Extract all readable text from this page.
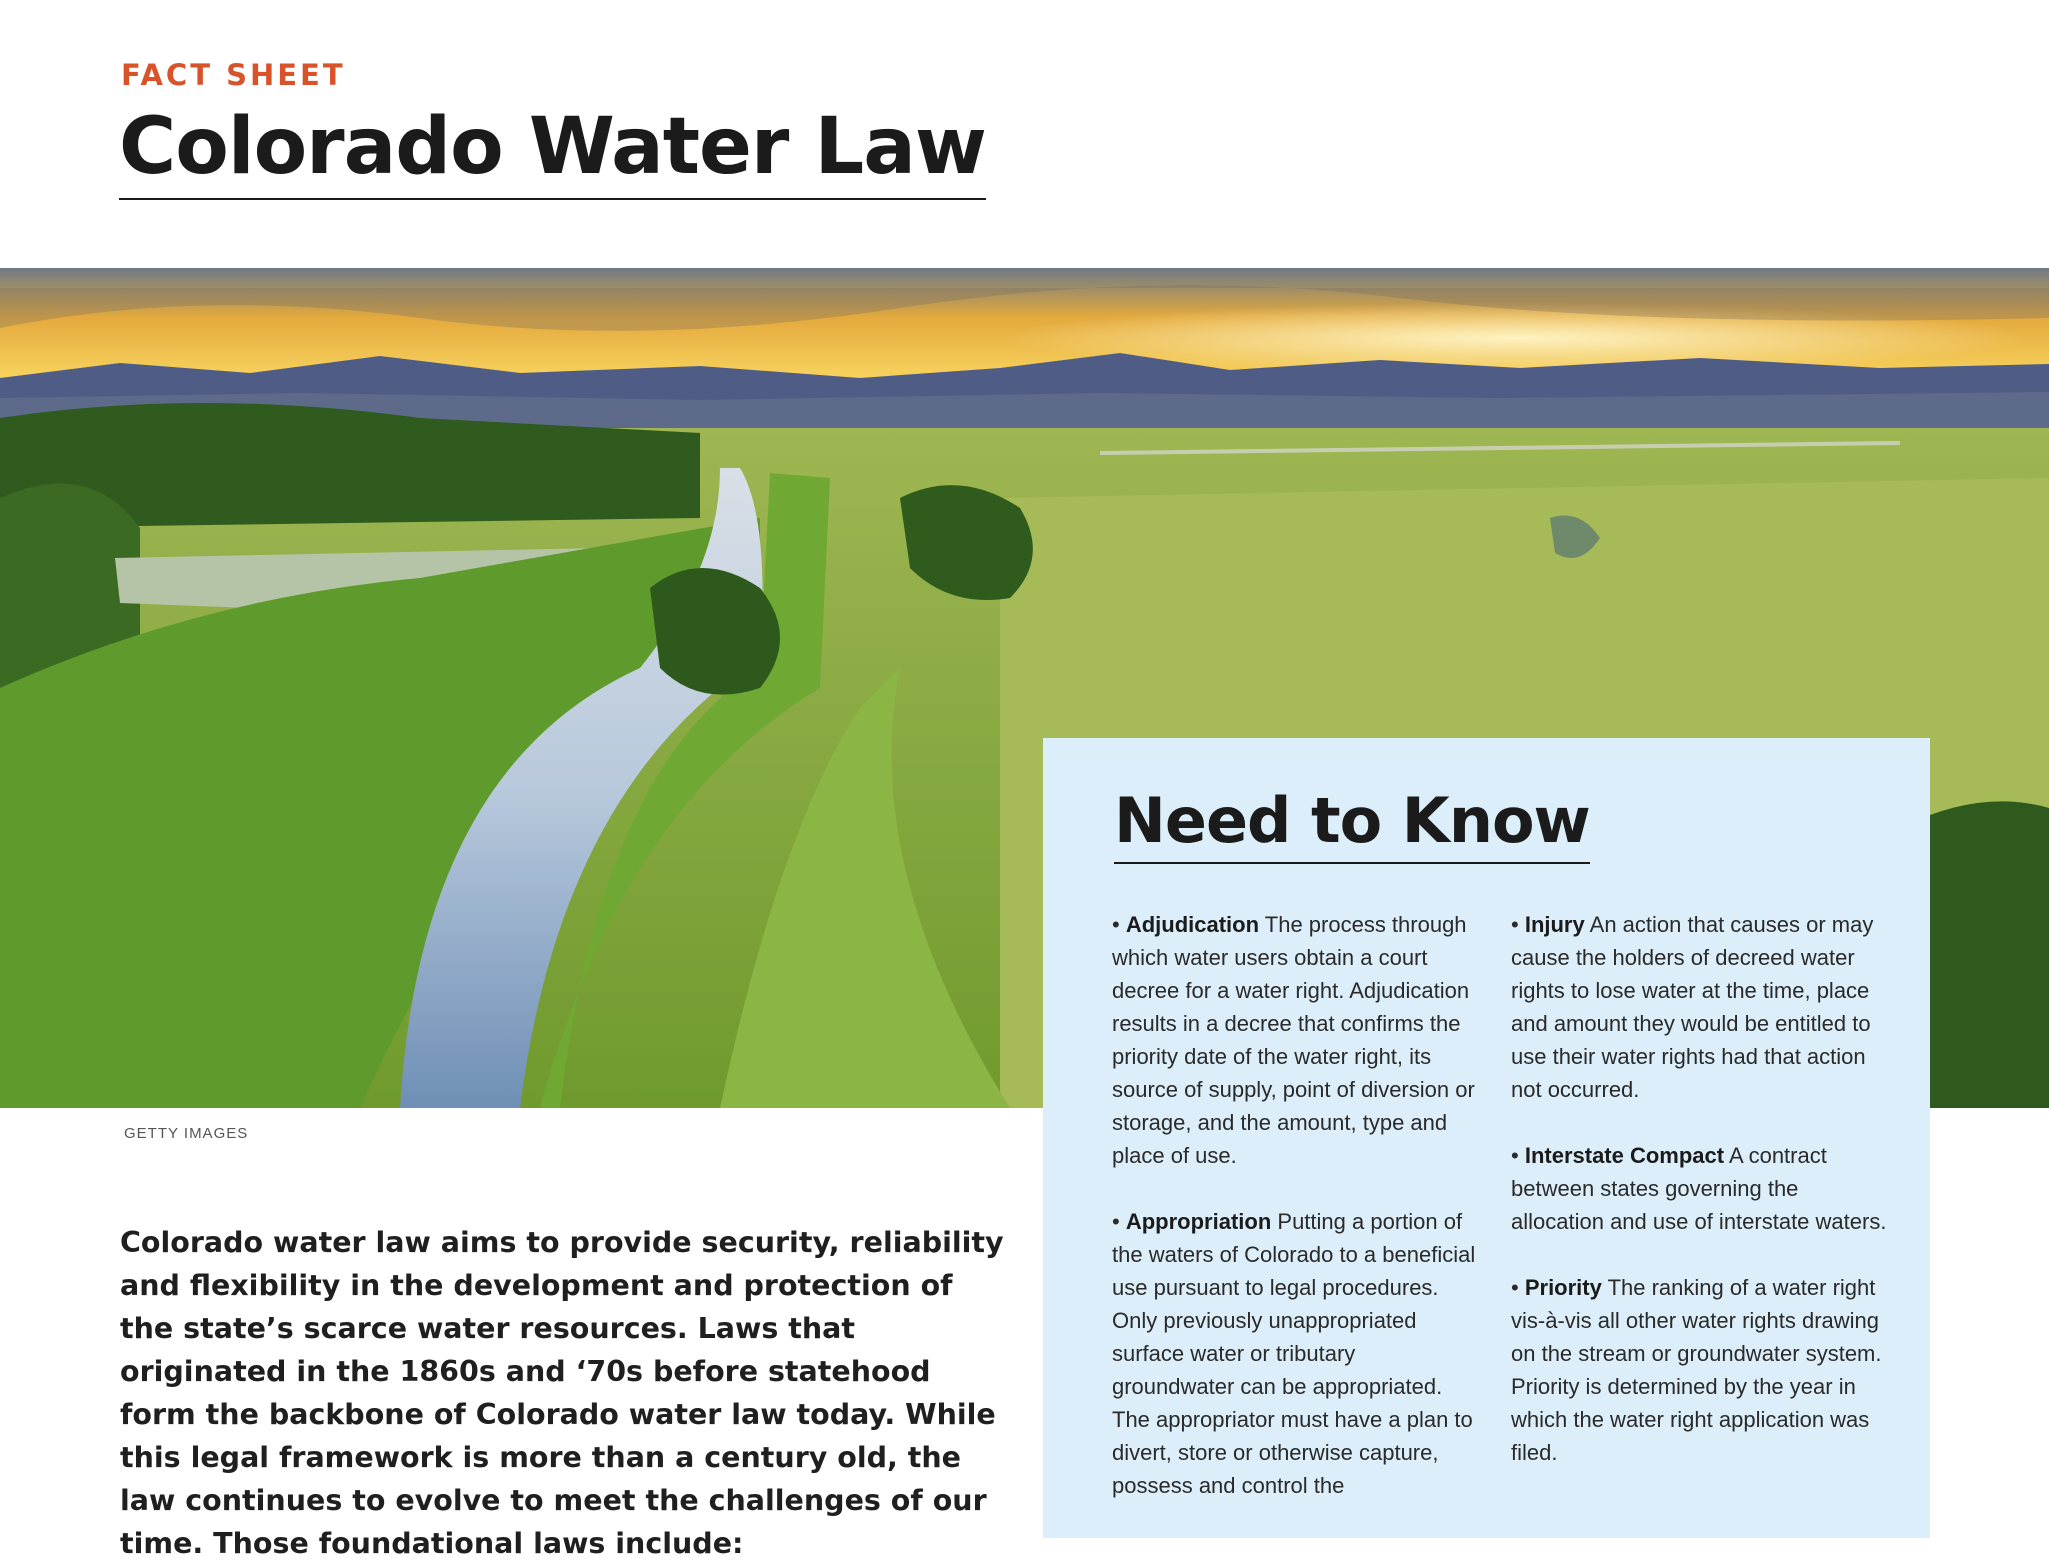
FACT SHEET
Colorado Water Law
GETTY IMAGES
Colorado water law aims to provide security, reliability and flexibility in the development and protection of the state’s scarce water resources. Laws that originated in the 1860s and ‘70s before statehood form the backbone of Colorado water law today. While this legal framework is more than a century old, the law continues to evolve to meet the challenges of our time. Those foundational laws include:
Need to Know
• Adjudication The process through which water users obtain a court decree for a water right. Adjudication results in a decree that confirms the priority date of the water right, its source of supply, point of diversion or storage, and the amount, type and place of use.
• Appropriation Putting a portion of the waters of Colorado to a beneficial use pursuant to legal procedures. Only previously unappropriated surface water or tributary groundwater can be appropriated. The appropriator must have a plan to divert, store or otherwise capture, possess and control the
• Injury An action that causes or may cause the holders of decreed water rights to lose water at the time, place and amount they would be entitled to use their water rights had that action not occurred.
• Interstate Compact A contract between states governing the allocation and use of interstate waters.
• Priority The ranking of a water right vis-à-vis all other water rights drawing on the stream or groundwater system. Priority is determined by the year in which the water right application was filed.
